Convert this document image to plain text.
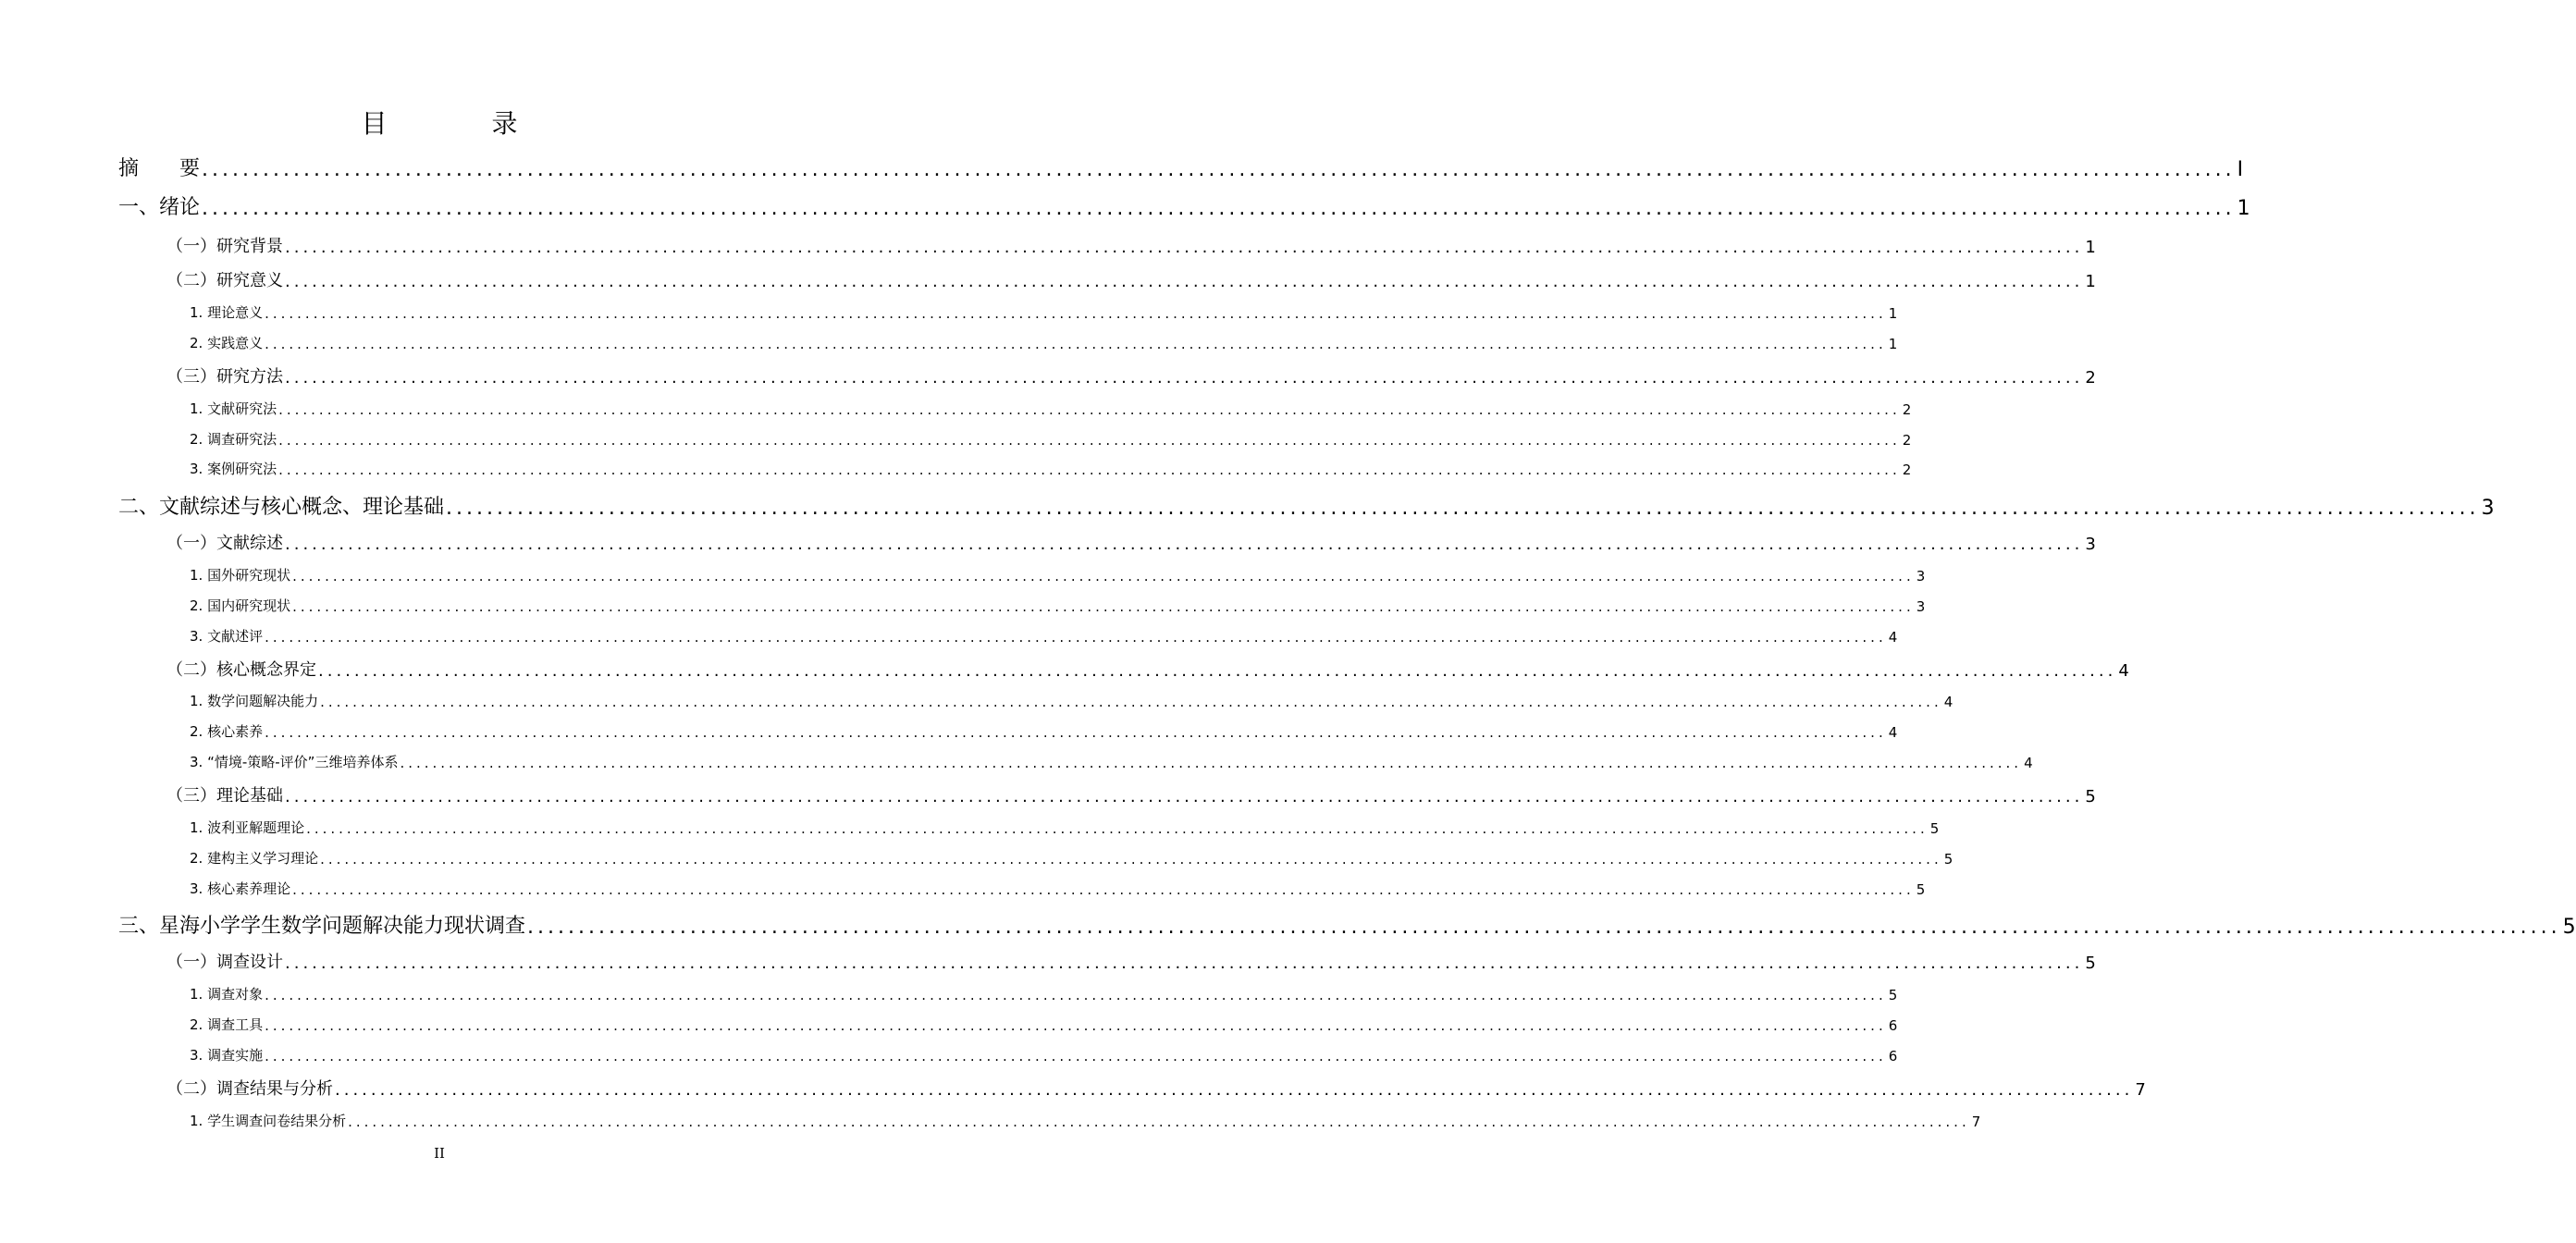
目 录
摘　　要 ........................................................................................................................................................................................................ I
一、绪论 ........................................................................................................................................................................................................ 1
（一）研究背景 ........................................................................................................................................................................................................ 1
（二）研究意义 ........................................................................................................................................................................................................ 1
1. 理论意义 ........................................................................................................................................................................................................ 1
2. 实践意义 ........................................................................................................................................................................................................ 1
（三）研究方法 ........................................................................................................................................................................................................ 2
1. 文献研究法 ........................................................................................................................................................................................................ 2
2. 调查研究法 ........................................................................................................................................................................................................ 2
3. 案例研究法 ........................................................................................................................................................................................................ 2
二、文献综述与核心概念、理论基础 ........................................................................................................................................................................................................ 3
（一）文献综述 ........................................................................................................................................................................................................ 3
1. 国外研究现状 ........................................................................................................................................................................................................ 3
2. 国内研究现状 ........................................................................................................................................................................................................ 3
3. 文献述评 ........................................................................................................................................................................................................ 4
（二）核心概念界定 ........................................................................................................................................................................................................ 4
1. 数学问题解决能力 ........................................................................................................................................................................................................ 4
2. 核心素养 ........................................................................................................................................................................................................ 4
3. “情境-策略-评价”三维培养体系 ........................................................................................................................................................................................................ 4
（三）理论基础 ........................................................................................................................................................................................................ 5
1. 波利亚解题理论 ........................................................................................................................................................................................................ 5
2. 建构主义学习理论 ........................................................................................................................................................................................................ 5
3. 核心素养理论 ........................................................................................................................................................................................................ 5
三、星海小学学生数学问题解决能力现状调查 ........................................................................................................................................................................................................ 5
（一）调查设计 ........................................................................................................................................................................................................ 5
1. 调查对象 ........................................................................................................................................................................................................ 5
2. 调查工具 ........................................................................................................................................................................................................ 6
3. 调查实施 ........................................................................................................................................................................................................ 6
（二）调查结果与分析 ........................................................................................................................................................................................................ 7
1. 学生调查问卷结果分析 ........................................................................................................................................................................................................ 7
II
